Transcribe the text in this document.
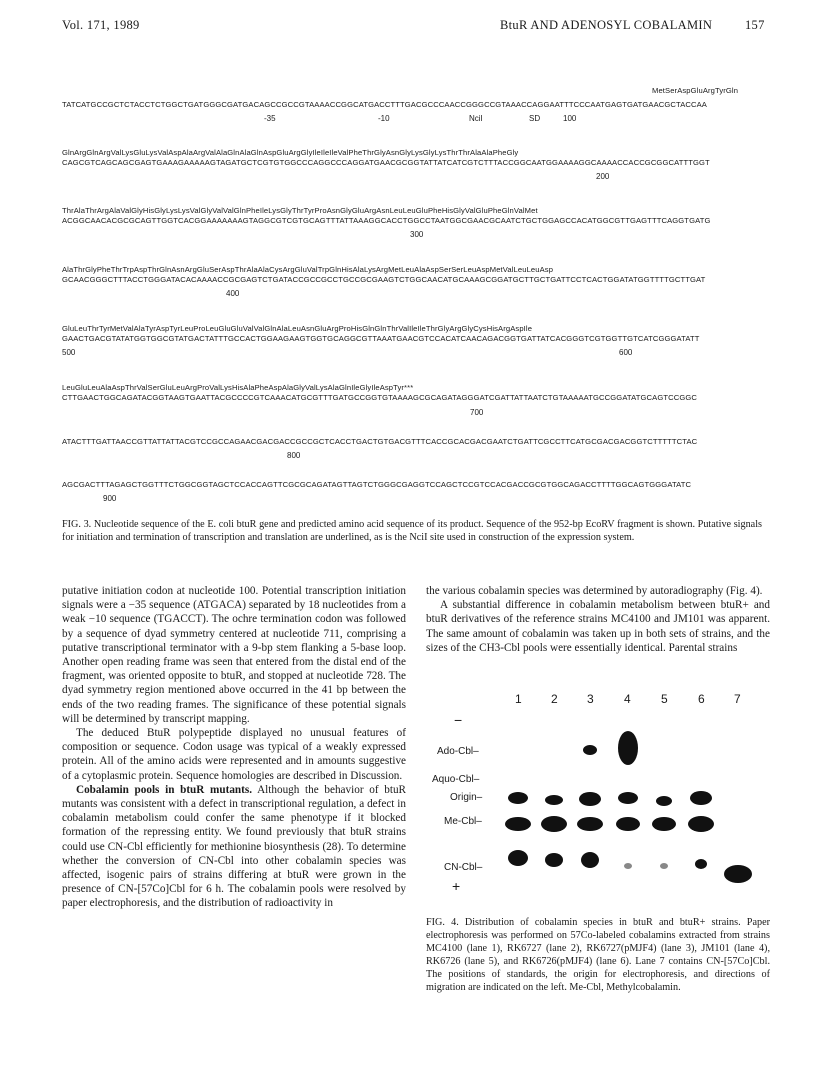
Vol. 171, 1989	BtuR AND ADENOSYL COBALAMIN	157
MetSerAspGluArgTyrGln
TATCATGCCGCTCTACCTCTGGCTGATGGGCGATGACAGCCGCCGTAAAACCGGCATGACCTTTGACGCCCAACCGGGCCGTAAACCAGGAATTTCCCAATGAGTGATGAACGCTACCAA
-35	-10	NciI	SD	100
GlnArgGlnArgValLysGluLysValAspAlaArgValAlaGlnAlaGlnAspGluArgGlyIleIleIleValPheThrGlyAsnGlyLysGlyLysThrThrAlaAlaPheGly
CAGCGTCAGCAGCGAGTGAAAGAAAAAGTAGATGCTCGTGTGGCCCAGGCCCAGGATGAACGCGGTATTATCATCGTCTTTACCGGCAATGGAAAAGGCAAAACCACCGCGGCATTTGGT
200
ThrAlaThrArgAlaValGlyHisGlyLysLysValGlyValValGlnPheIleLysGlyThrTyrProAsnGlyGluArgAsnLeuLeuGluPheHisGlyValGluPheGlnValMet
ACGGCAACACGCGCAGTTGGTCACGGAAAAAAAGTAGGCGTCGTGCAGTTTATTAAAGGCACCTGGCCTAATGGCGAACGCAATCTGCTGGAGCCACATGGCGTTGAGTTTCAGGTGATG
300
AlaThrGlyPheThrTrpAspThrGlnAsnArgGluSerAspThrAlaAlaCysArgGluValTrpGlnHisAlaLysArgMetLeuAlaAspSerSerLeuAspMetValLeuLeuAsp
GCAACGGGCTTTACCTGGGATACACAAAACCGCGAGTCTGATACCGCCGCCTGCCGCGAAGTCTGGCAACATGCAAAGCGGATGCTTGCTGATTCCTCACTGGATATGGTTTTGCTTGAT
400
GluLeuThrTyrMetValAlaTyrAspTyrLeuProLeuGluGluValValGlnAlaLeuAsnGluArgProHisGlnGlnThrValIleIleThrGlyArgGlyCysHisArgAspIle
GAACTGACGTATATGGTGGCGTATGACTATTTGCCACTGGAAGAAGTGGTGCAGGCGTTAAATGAACGTCCACATCAACAGACGGTGATTATCACGGGTCGTGGTTGTCATCGGGATATT
500	600
LeuGluLeuAlaAspThrValSerGluLeuArgProValLysHisAlaPheAspAlaGlyValLysAlaGlnIleGlyIleAspTyr***
CTTGAACTGGCAGATACGGTAAGTGAATTACGCCCCGTCAAACATGCGTTTGATGCCGGTGTAAAAGCGCAGATAGGGATCGATTATTAATCTGTAAAAATGCCGGATATGCAGTCCGGC
700
ATACTTTGATTAACCGTTATTATTACGTCCGCCAGAACGACGACCGCCGCTCACCTGACTGTGACGTTTCACCGCACGACGAATCTGATTCGCCTTCATGCGACGACGGTCTTTTTCTAC
800
AGCGACTTTAGAGCTGGTTTCTGGCGGTAGCTCCACCAGTTCGCGCAGATAGTTAGTCTGGGCGAGGTCCAGCTCCGTCCACGACCGCGTGGCAGACCTTTTGGCAGTGGGATATC
900
FIG. 3. Nucleotide sequence of the E. coli btuR gene and predicted amino acid sequence of its product. Sequence of the 952-bp EcoRV fragment is shown. Putative signals for initiation and termination of transcription and translation are underlined, as is the NciI site used in construction of the expression system.

putative initiation codon at nucleotide 100. Potential transcription initiation signals were a −35 sequence (ATGACA) separated by 18 nucleotides from a weak −10 sequence (TGACCT). The ochre termination codon was followed by a sequence of dyad symmetry centered at nucleotide 711, comprising a putative transcriptional terminator with a 9-bp stem flanking a 5-base loop. Another open reading frame was seen that entered from the distal end of the fragment, was oriented opposite to btuR, and stopped at nucleotide 728. The dyad symmetry region mentioned above occurred in the 41 bp between the ends of the two reading frames. The significance of these potential signals will be determined by transcript mapping.

The deduced BtuR polypeptide displayed no unusual features of composition or sequence. Codon usage was typical of a weakly expressed protein. All of the amino acids were represented and in amounts suggestive of a cytoplasmic protein. Sequence homologies are described in Discussion.

Cobalamin pools in btuR mutants. Although the behavior of btuR mutants was consistent with a defect in transcriptional regulation, a defect in cobalamin metabolism could confer the same phenotype if it blocked formation of the repressing entity. We found previously that btuR strains could use CN-Cbl efficiently for methionine biosynthesis (28). To determine whether the conversion of CN-Cbl into other cobalamin species was affected, isogenic pairs of strains differing at btuR were grown in the presence of CN-[57Co]Cbl for 6 h. The cobalamin pools were resolved by paper electrophoresis, and the distribution of radioactivity in

the various cobalamin species was determined by autoradiography (Fig. 4).

A substantial difference in cobalamin metabolism between btuR+ and btuR derivatives of the reference strains MC4100 and JM101 was apparent. The same amount of cobalamin was taken up in both sets of strains, and the sizes of the CH3-Cbl pools were essentially identical. Parental strains

1 2 3	4	5	6 7
−
Ado-Cbl–
Aquo-Cbl–
Origin–
Me-Cbl–
CN-Cbl–
+
FIG. 4. Distribution of cobalamin species in btuR and btuR+ strains. Paper electrophoresis was performed on 57Co-labeled cobalamins extracted from strains MC4100 (lane 1), RK6727 (lane 2), RK6727(pMJF4) (lane 3), JM101 (lane 4), RK6726 (lane 5), and RK6726(pMJF4) (lane 6). Lane 7 contains CN-[57Co]Cbl. The positions of standards, the origin for electrophoresis, and directions of migration are indicated on the left. Me-Cbl, Methylcobalamin.
